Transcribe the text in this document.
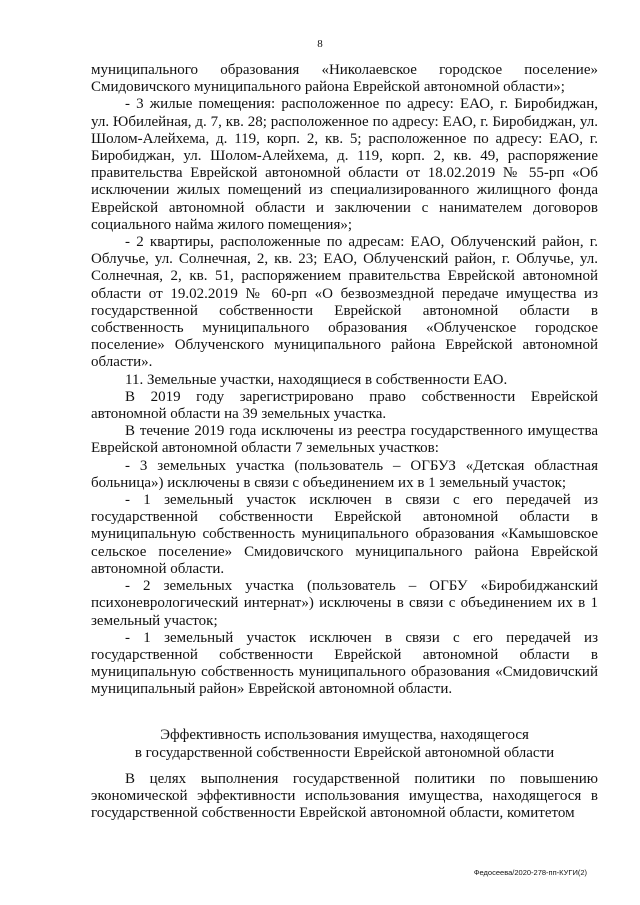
8

муниципального образования «Николаевское городское поселение» Смидовичского муниципального района Еврейской автономной области»;

- 3 жилые помещения: расположенное по адресу: ЕАО, г. Биробиджан, ул. Юбилейная, д. 7, кв. 28; расположенное по адресу: ЕАО, г. Биробиджан, ул. Шолом-Алейхема, д. 119, корп. 2, кв. 5; расположенное по адресу: ЕАО, г. Биробиджан, ул. Шолом-Алейхема, д. 119, корп. 2, кв. 49, распоряжение правительства Еврейской автономной области от 18.02.2019 № 55-рп «Об исключении жилых помещений из специализированного жилищного фонда Еврейской автономной области и заключении с нанимателем договоров социального найма жилого помещения»;

- 2 квартиры, расположенные по адресам: ЕАО, Облученский район, г. Облучье, ул. Солнечная, 2, кв. 23; ЕАО, Облученский район, г. Облучье, ул. Солнечная, 2, кв. 51, распоряжением правительства Еврейской автономной области от 19.02.2019 № 60-рп «О безвозмездной передаче имущества из государственной собственности Еврейской автономной области в собственность муниципального образования «Облученское городское поселение» Облученского муниципального района Еврейской автономной области».

11. Земельные участки, находящиеся в собственности ЕАО.

В 2019 году зарегистрировано право собственности Еврейской автономной области на 39 земельных участка.

В течение 2019 года исключены из реестра государственного имущества Еврейской автономной области 7 земельных участков:

- 3 земельных участка (пользователь – ОГБУЗ «Детская областная больница») исключены в связи с объединением их в 1 земельный участок;

- 1 земельный участок исключен в связи с его передачей из государственной собственности Еврейской автономной области в муниципальную собственность муниципального образования «Камышовское сельское поселение» Смидовичского муниципального района Еврейской автономной области.

- 2 земельных участка (пользователь – ОГБУ «Биробиджанский психоневрологический интернат») исключены в связи с объединением их в 1 земельный участок;

- 1 земельный участок исключен в связи с его передачей из государственной собственности Еврейской автономной области в муниципальную собственность муниципального образования «Смидовичский муниципальный район» Еврейской автономной области.

Эффективность использования имущества, находящегося

в государственной собственности Еврейской автономной области

В целях выполнения государственной политики по повышению экономической эффективности использования имущества, находящегося в государственной собственности Еврейской автономной области, комитетом

Федосеева/2020-278-пп-КУГИ(2)
